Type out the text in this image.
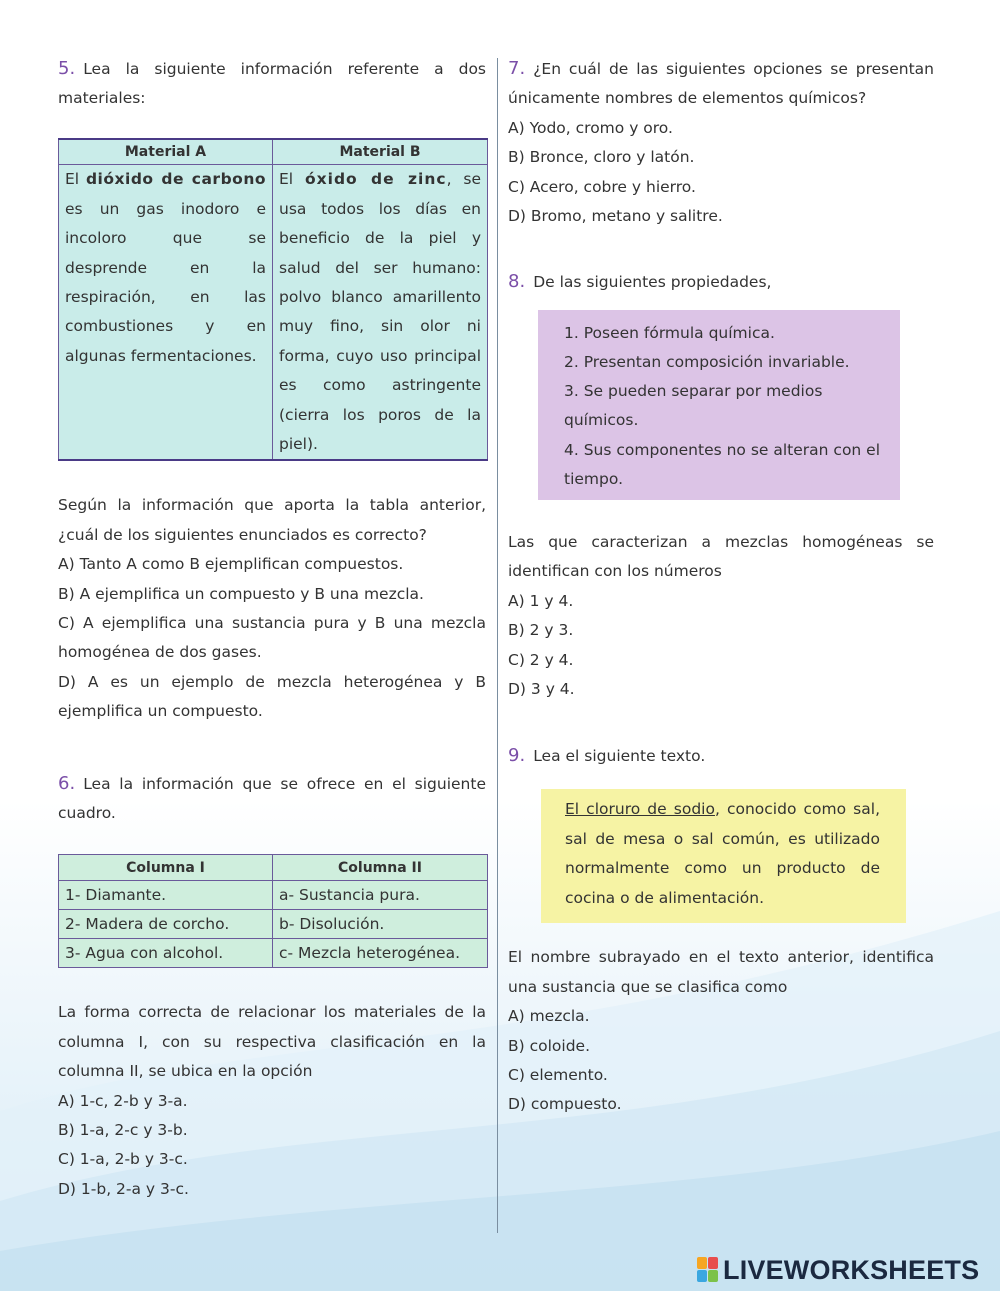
5. Lea la siguiente información referente a dos materiales:

Material A	Material B

El dióxido de carbono es un gas inodoro e incoloro que se desprende en la respiración, en las combustiones y en algunas fermentaciones.	El óxido de zinc, se usa todos los días en beneficio de la piel y salud del ser humano: polvo blanco amarillento muy fino, sin olor ni forma, cuyo uso principal es como astringente (cierra los poros de la piel).

Según la información que aporta la tabla anterior, ¿cuál de los siguientes enunciados es correcto?

A) Tanto A como B ejemplifican compuestos.

B) A ejemplifica un compuesto y B una mezcla.

C) A ejemplifica una sustancia pura y B una mezcla homogénea de dos gases.

D) A es un ejemplo de mezcla heterogénea y B ejemplifica un compuesto.

6. Lea la información que se ofrece en el siguiente cuadro.

Columna I	Columna II
1- Diamante.	a- Sustancia pura.
2- Madera de corcho.	b- Disolución.
3- Agua con alcohol.	c- Mezcla heterogénea.

La forma correcta de relacionar los materiales de la columna I, con su respectiva clasificación en la columna II, se ubica en la opción

A) 1-c, 2-b y 3-a.

B) 1-a, 2-c y 3-b.

C) 1-a, 2-b y 3-c.

D) 1-b, 2-a y 3-c.

7. ¿En cuál de las siguientes opciones se presentan únicamente nombres de elementos químicos?

A) Yodo, cromo y oro.

B) Bronce, cloro y latón.

C) Acero, cobre y hierro.

D) Bromo, metano y salitre.

8. De las siguientes propiedades,

1. Poseen fórmula química.

2. Presentan composición invariable.

3. Se pueden separar por medios químicos.

4. Sus componentes no se alteran con el tiempo.

Las que caracterizan a mezclas homogéneas se identifican con los números

A) 1 y 4.

B) 2 y 3.

C) 2 y 4.

D) 3 y 4.

9. Lea el siguiente texto.

El cloruro de sodio, conocido como sal, sal de mesa o sal común, es utilizado normalmente como un producto de cocina o de alimentación.

El nombre subrayado en el texto anterior, identifica una sustancia que se clasifica como

A) mezcla.

B) coloide.

C) elemento.

D) compuesto.

LIVEWORKSHEETS
